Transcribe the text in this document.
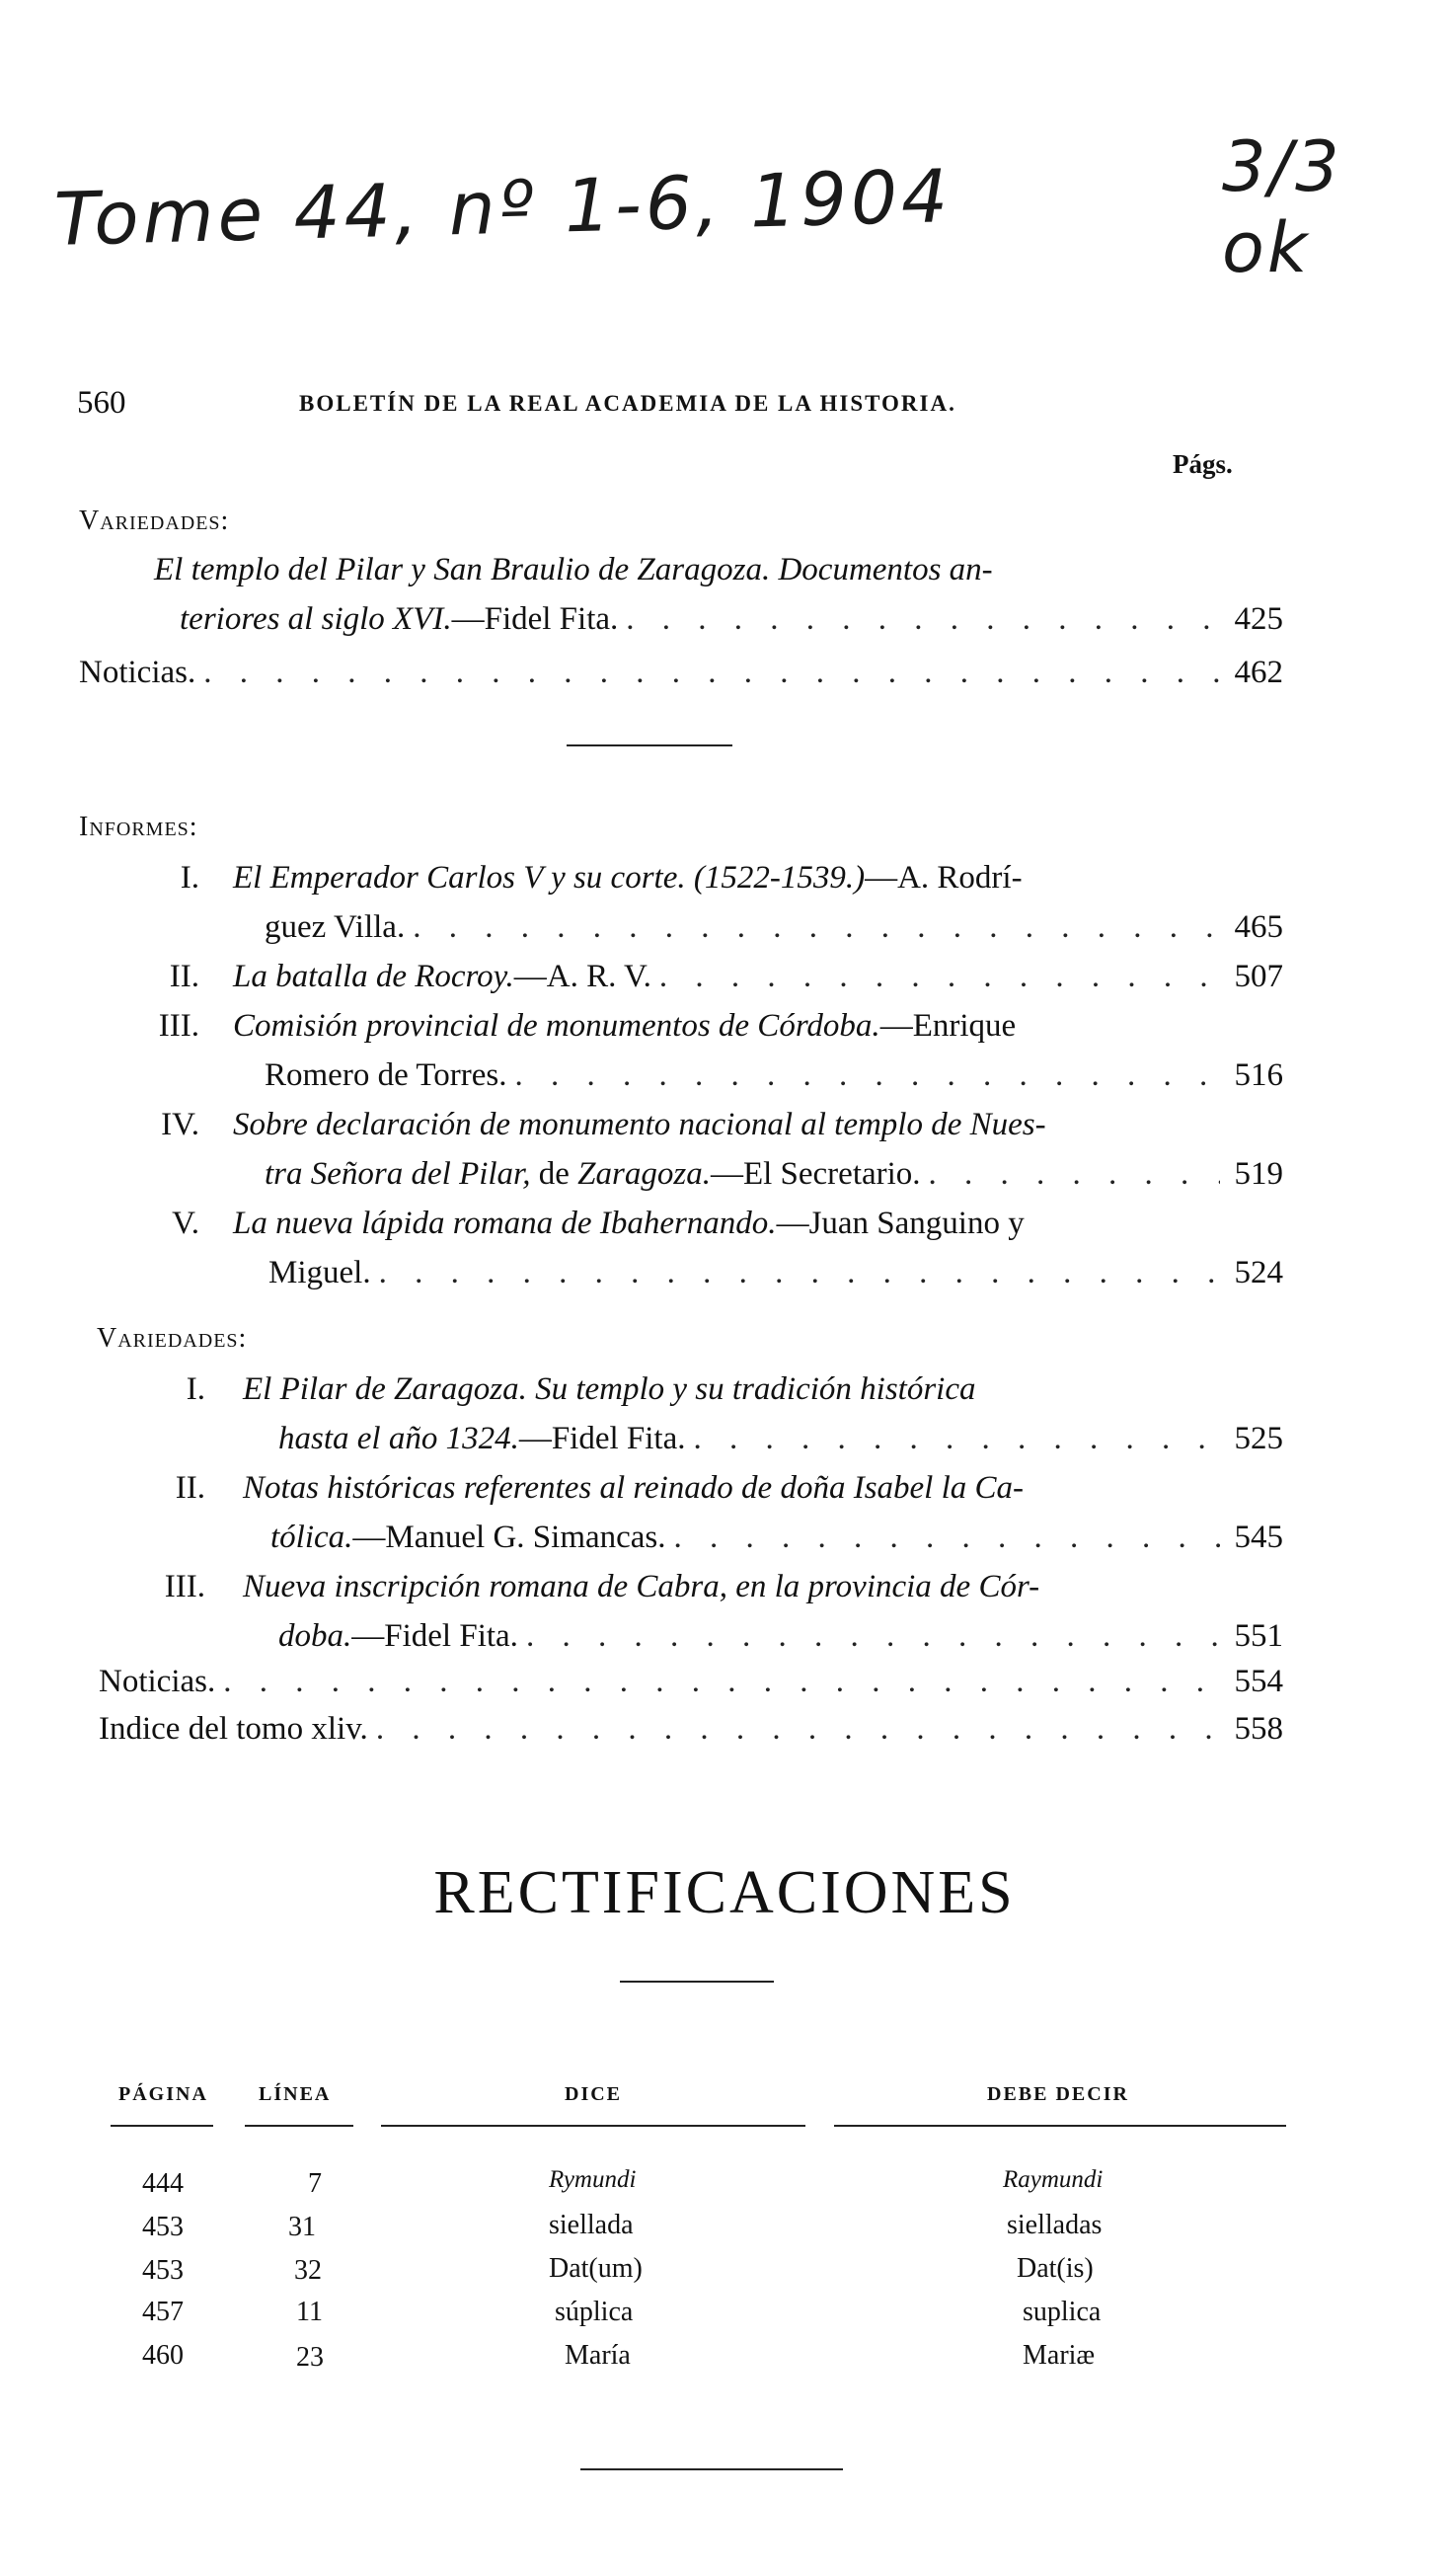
Tome 44, nº 1-6, 1904	3/3 ok
560	BOLETÍN DE LA REAL ACADEMIA DE LA HISTORIA.
Págs.
Variedades:
El templo del Pilar y San Braulio de Zaragoza. Documentos an-
teriores al siglo XVI.—Fidel Fita. . . .	425
Noticias. . . .	462
Informes:
I. El Emperador Carlos V y su corte. (1522-1539.)—A. Rodrí-
guez Villa. . . .	465
II. La batalla de Rocroy.—A. R. V. . . .	507
III. Comisión provincial de monumentos de Córdoba.—Enrique
Romero de Torres. . . .	516
IV. Sobre declaración de monumento nacional al templo de Nues-
tra Señora del Pilar, de Zaragoza.—El Secretario. . . .	519
V. La nueva lápida romana de Ibahernando.—Juan Sanguino y
Miguel. . . .	524
Variedades:
I. El Pilar de Zaragoza. Su templo y su tradición histórica
hasta el año 1324.—Fidel Fita. . . .	525
II. Notas históricas referentes al reinado de doña Isabel la Ca-
tólica.—Manuel G. Simancas. . . .	545
III. Nueva inscripción romana de Cabra, en la provincia de Cór-
doba.—Fidel Fita. . . .	551
Noticias. . . .	554
Indice del tomo xliv. . . .	558
RECTIFICACIONES
PÁGINA	LÍNEA	DICE	DEBE DECIR
444	7	Rymundi	Raymundi
453	31	siellada	sielladas
453	32	Dat(um)	Dat(is)
457	11	súplica	suplica
460	23	María	Mariæ
